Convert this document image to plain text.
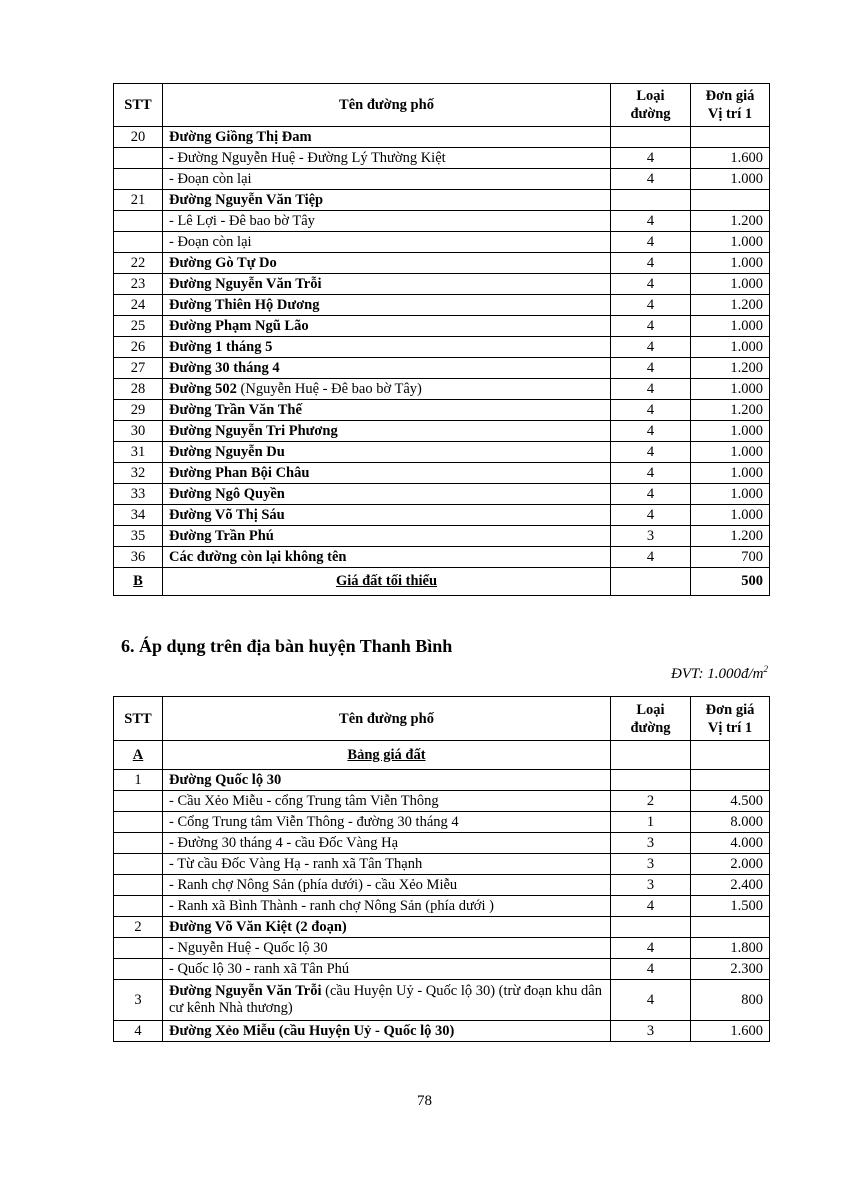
STT	Tên đường phố	Loại đường	Đơn giá
Vị trí 1
20	Đường Giồng Thị Đam		
	- Đường Nguyễn Huệ - Đường Lý Thường Kiệt	4	1.600
	- Đoạn còn lại	4	1.000
21	Đường Nguyễn Văn Tiệp		
	- Lê Lợi - Đê bao bờ Tây	4	1.200
	- Đoạn còn lại	4	1.000
22	Đường Gò Tự Do	4	1.000
23	Đường Nguyễn Văn Trỗi	4	1.000
24	Đường Thiên Hộ Dương	4	1.200
25	Đường Phạm Ngũ Lão	4	1.000
26	Đường 1 tháng 5	4	1.000
27	Đường 30 tháng 4	4	1.200
28	Đường 502 (Nguyễn Huệ - Đê bao bờ Tây)	4	1.000
29	Đường Trần Văn Thế	4	1.200
30	Đường Nguyễn Tri Phương	4	1.000
31	Đường Nguyễn Du	4	1.000
32	Đường Phan Bội Châu	4	1.000
33	Đường Ngô Quyền	4	1.000
34	Đường Võ Thị Sáu	4	1.000
35	Đường Trần Phú	3	1.200
36	Các đường còn lại không tên	4	700
B	Giá đất tối thiểu		500
6. Áp dụng trên địa bàn huyện Thanh Bình
ĐVT: $1.000đ/m^2$
STT	Tên đường phố	Loại đường	Đơn giá
Vị trí 1
A	Bảng giá đất		
1	Đường Quốc lộ 30		
	- Cầu Xẻo Miễu - cổng Trung tâm Viễn Thông	2	4.500
	- Cổng Trung tâm Viễn Thông - đường 30 tháng 4	1	8.000
	- Đường 30 tháng 4 - cầu Đốc Vàng Hạ	3	4.000
	- Từ cầu Đốc Vàng Hạ - ranh xã Tân Thạnh	3	2.000
	- Ranh chợ Nông Sản (phía dưới) - cầu Xẻo Miễu	3	2.400
	- Ranh xã Bình Thành - ranh chợ Nông Sản (phía dưới )	4	1.500
2	Đường Võ Văn Kiệt (2 đoạn)		
	- Nguyễn Huệ - Quốc lộ 30	4	1.800
	- Quốc lộ 30 - ranh xã Tân Phú	4	2.300
3	Đường Nguyễn Văn Trỗi (cầu Huyện Uỷ - Quốc lộ 30) (trừ đoạn khu dân cư kênh Nhà thương)	4	800
4	Đường Xẻo Miễu (cầu Huyện Uỷ - Quốc lộ 30)	3	1.600
78
